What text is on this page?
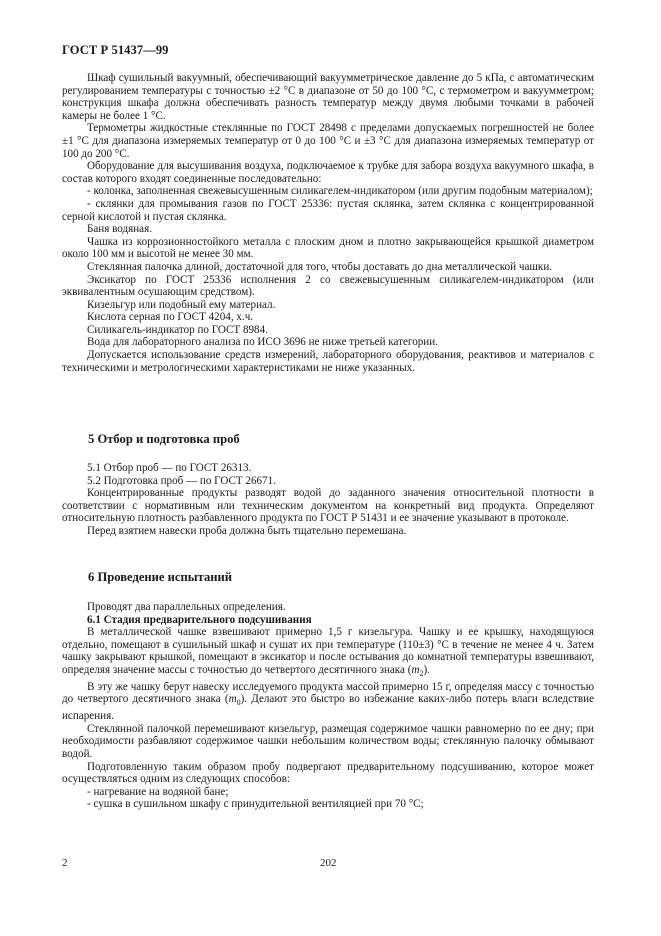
ГОСТ Р 51437—99

Шкаф сушильный вакуумный, обеспечивающий вакуумметрическое давление до 5 кПа, с автоматическим регулированием температуры с точностью ±2 °С в диапазоне от 50 до 100 °С, с термометром и вакуумметром; конструкция шкафа должна обеспечивать разность температур между двумя любыми точками в рабочей камеры не более 1 °С.

Термометры жидкостные стеклянные по ГОСТ 28498 с пределами допускаемых погрешностей не более ±1 °С для диапазона измеряемых температур от 0 до 100 °С и ±3 °С для диапазона измеряемых температур от 100 до 200 °С.

Оборудование для высушивания воздуха, подключаемое к трубке для забора воздуха вакуумного шкафа, в состав которого входят соединенные последовательно:

- колонка, заполненная свежевысушенным силикагелем-индикатором (или другим подобным материалом);

- склянки для промывания газов по ГОСТ 25336: пустая склянка, затем склянка с концентрированной серной кислотой и пустая склянка.

Баня водяная.

Чашка из коррозионностойкого металла с плоским дном и плотно закрывающейся крышкой диаметром около 100 мм и высотой не менее 30 мм.

Стеклянная палочка длиной, достаточной для того, чтобы доставать до дна металлической чашки.

Эксикатор по ГОСТ 25336 исполнения 2 со свежевысушенным силикагелем-индикатором (или эквивалентным осушающим средством).

Кизельгур или подобный ему материал.

Кислота серная по ГОСТ 4204, х.ч.

Силикагель-индикатор по ГОСТ 8984.

Вода для лабораторного анализа по ИСО 3696 не ниже третьей категории.

Допускается использование средств измерений, лабораторного оборудования, реактивов и материалов с техническими и метрологическими характеристиками не ниже указанных.

5 Отбор и подготовка проб

5.1 Отбор проб — по ГОСТ 26313.

5.2 Подготовка проб — по ГОСТ 26671.

Концентрированные продукты разводят водой до заданного значения относительной плотности в соответствии с нормативным или техническим документом на конкретный вид продукта. Определяют относительную плотность разбавленного продукта по ГОСТ Р 51431 и ее значение указывают в протоколе.

Перед взятием навески проба должна быть тщательно перемешана.

6 Проведение испытаний

Проводят два параллельных определения.

6.1 Стадия предварительного подсушивания

В металлической чашке взвешивают примерно 1,5 г кизельгура. Чашку и ее крышку, находящуюся отдельно, помещают в сушильный шкаф и сушат их при температуре (110±3) °С в течение не менее 4 ч. Затем чашку закрывают крышкой, помещают в эксикатор и после остывания до комнатной температуры взвешивают, определяя значение массы с точностью до четвертого десятичного знака $(m_2)$.

В эту же чашку берут навеску исследуемого продукта массой примерно 15 г, определяя массу с точностью до четвертого десятичного знака $(m_0)$. Делают это быстро во избежание каких-либо потерь влаги вследствие испарения.

Стеклянной палочкой перемешивают кизельгур, размещая содержимое чашки равномерно по ее дну; при необходимости разбавляют содержимое чашки небольшим количеством воды; стеклянную палочку обмывают водой.

Подготовленную таким образом пробу подвергают предварительному подсушиванию, которое может осуществляться одним из следующих способов:

- нагревание на водяной бане;

- сушка в сушильном шкафу с принудительной вентиляцией при 70 °С;

2	202
